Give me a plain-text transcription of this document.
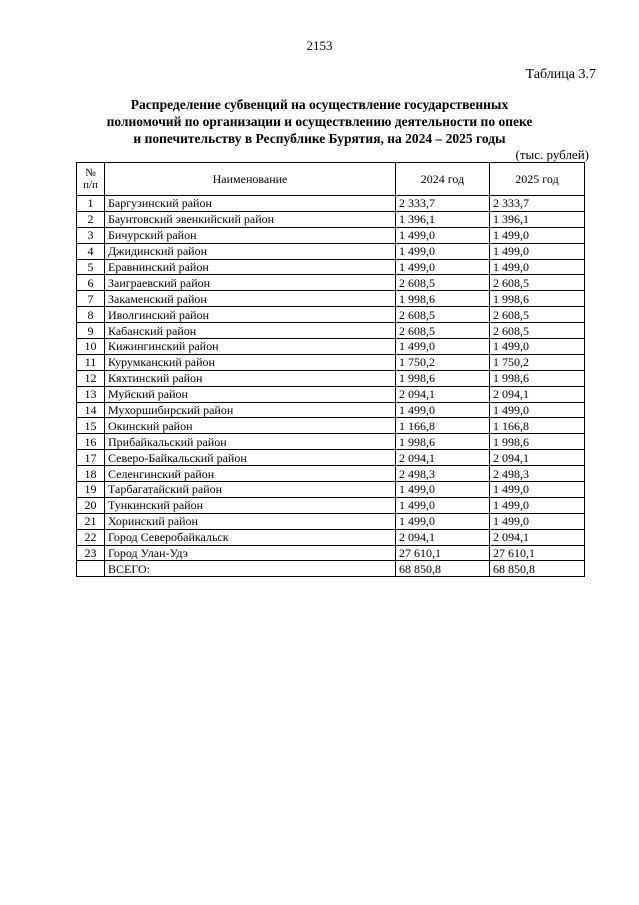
2153
Таблица 3.7
Распределение субвенций на осуществление государственных
полномочий по организации и осуществлению деятельности по опеке
и попечительству в Республике Бурятия, на 2024 – 2025 годы
(тыс. рублей)
№
п/п	Наименование	2024 год	2025 год
1	Баргузинский район	2 333,7	2 333,7
2	Баунтовский эвенкийский район	1 396,1	1 396,1
3	Бичурский район	1 499,0	1 499,0
4	Джидинский район	1 499,0	1 499,0
5	Еравнинский район	1 499,0	1 499,0
6	Заиграевский район	2 608,5	2 608,5
7	Закаменский район	1 998,6	1 998,6
8	Иволгинский район	2 608,5	2 608,5
9	Кабанский район	2 608,5	2 608,5
10	Кижингинский район	1 499,0	1 499,0
11	Курумканский район	1 750,2	1 750,2
12	Кяхтинский район	1 998,6	1 998,6
13	Муйский район	2 094,1	2 094,1
14	Мухоршибирский район	1 499,0	1 499,0
15	Окинский район	1 166,8	1 166,8
16	Прибайкальский район	1 998,6	1 998,6
17	Северо-Байкальский район	2 094,1	2 094,1
18	Селенгинский район	2 498,3	2 498,3
19	Тарбагатайский район	1 499,0	1 499,0
20	Тункинский район	1 499,0	1 499,0
21	Хоринский район	1 499,0	1 499,0
22	Город Северобайкальск	2 094,1	2 094,1
23	Город Улан-Удэ	27 610,1	27 610,1
	ВСЕГО:	68 850,8	68 850,8
